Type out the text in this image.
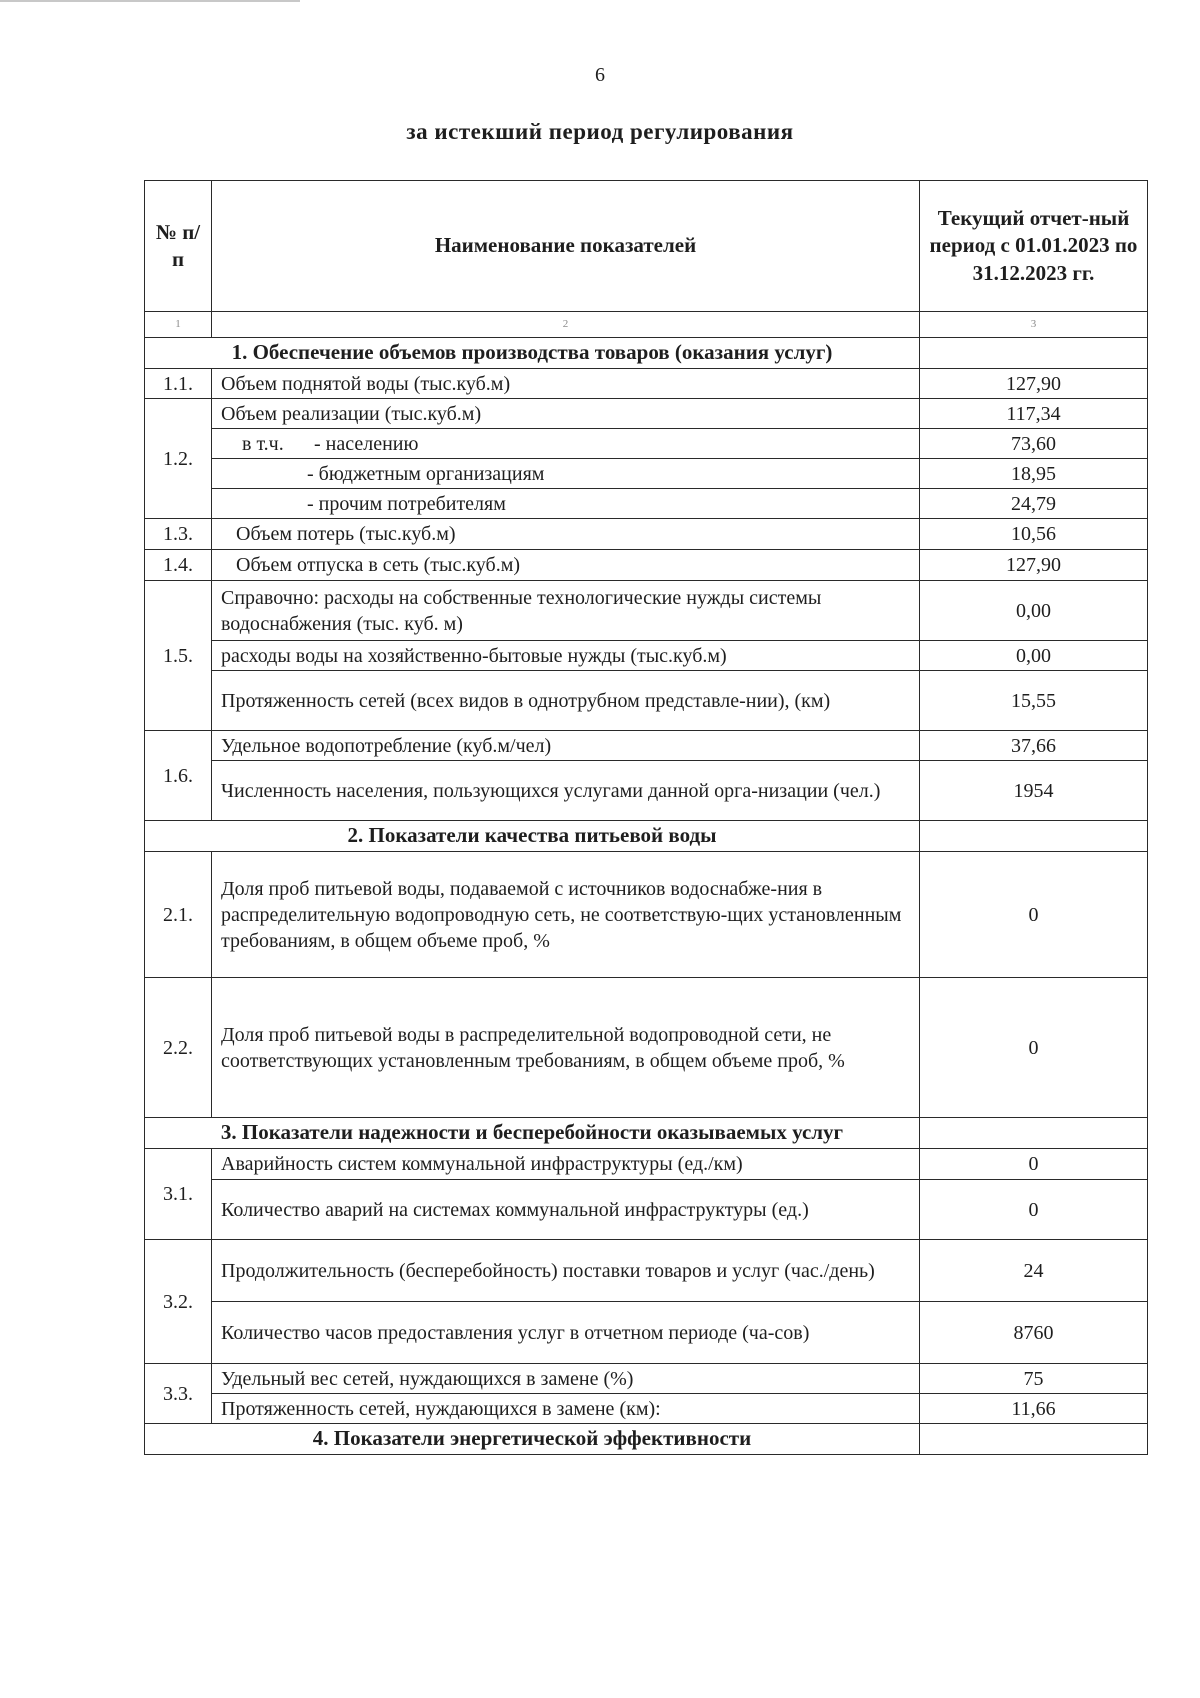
6
за истекший период регулирования
№ п/п	Наименование показателей	Текущий отчет-ный период с 01.01.2023 по 31.12.2023 гг.
1	2	3
1. Обеспечение объемов производства товаров (оказания услуг)		
1.1.	Объем поднятой воды (тыс.куб.м)	127,90
1.2.	Объем реализации (тыс.куб.м)	117,34
	в т.ч. - населению	73,60
	- бюджетным организациям	18,95
	- прочим потребителям	24,79
1.3.	Объем потерь (тыс.куб.м)	10,56
1.4.	Объем отпуска в сеть (тыс.куб.м)	127,90
1.5.	Справочно: расходы на собственные технологические нужды системы водоснабжения (тыс. куб. м)	0,00
	расходы воды на хозяйственно-бытовые нужды (тыс.куб.м)	0,00
	Протяженность сетей (всех видов в однотрубном представле-нии), (км)	15,55
1.6.	Удельное водопотребление (куб.м/чел)	37,66
	Численность населения, пользующихся услугами данной орга-низации (чел.)	1954
2. Показатели качества питьевой воды		
2.1.	Доля проб питьевой воды, подаваемой с источников водоснабже-ния в распределительную водопроводную сеть, не соответствую-щих установленным требованиям, в общем объеме проб, %	0
2.2.	Доля проб питьевой воды в распределительной водопроводной сети, не соответствующих установленным требованиям, в общем объеме проб, %	0
3. Показатели надежности и бесперебойности оказываемых услуг		
3.1.	Аварийность систем коммунальной инфраструктуры (ед./км)	0
	Количество аварий на системах коммунальной инфраструктуры (ед.)	0
3.2.	Продолжительность (бесперебойность) поставки товаров и услуг (час./день)	24
	Количество часов предоставления услуг в отчетном периоде (ча-сов)	8760
3.3.	Удельный вес сетей, нуждающихся в замене (%)	75
	Протяженность сетей, нуждающихся в замене (км):	11,66
4. Показатели энергетической эффективности		
